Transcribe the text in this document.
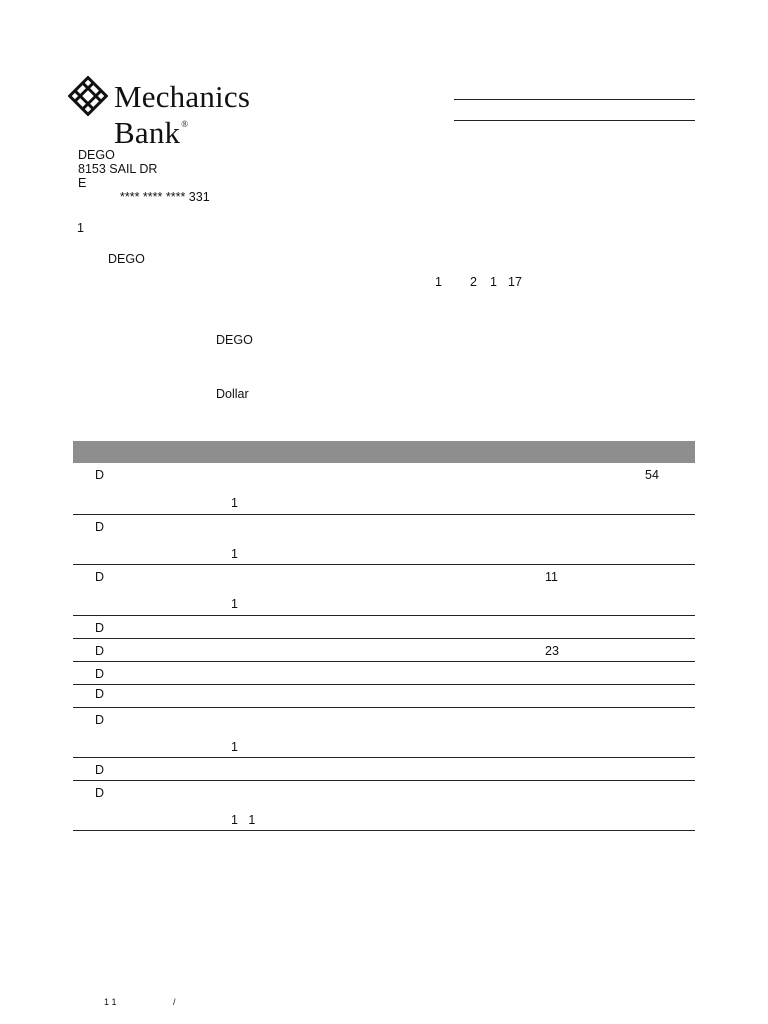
Mechanics Bank®
DEGO
8153 SAIL DR
E
**** **** **** 331
1
DEGO
1 2 1 17
DEGO
Dollar
D	54
1
D
1
D	11
1
D
D	23
D
D
D
1
D
D
1   1
1 1	/
